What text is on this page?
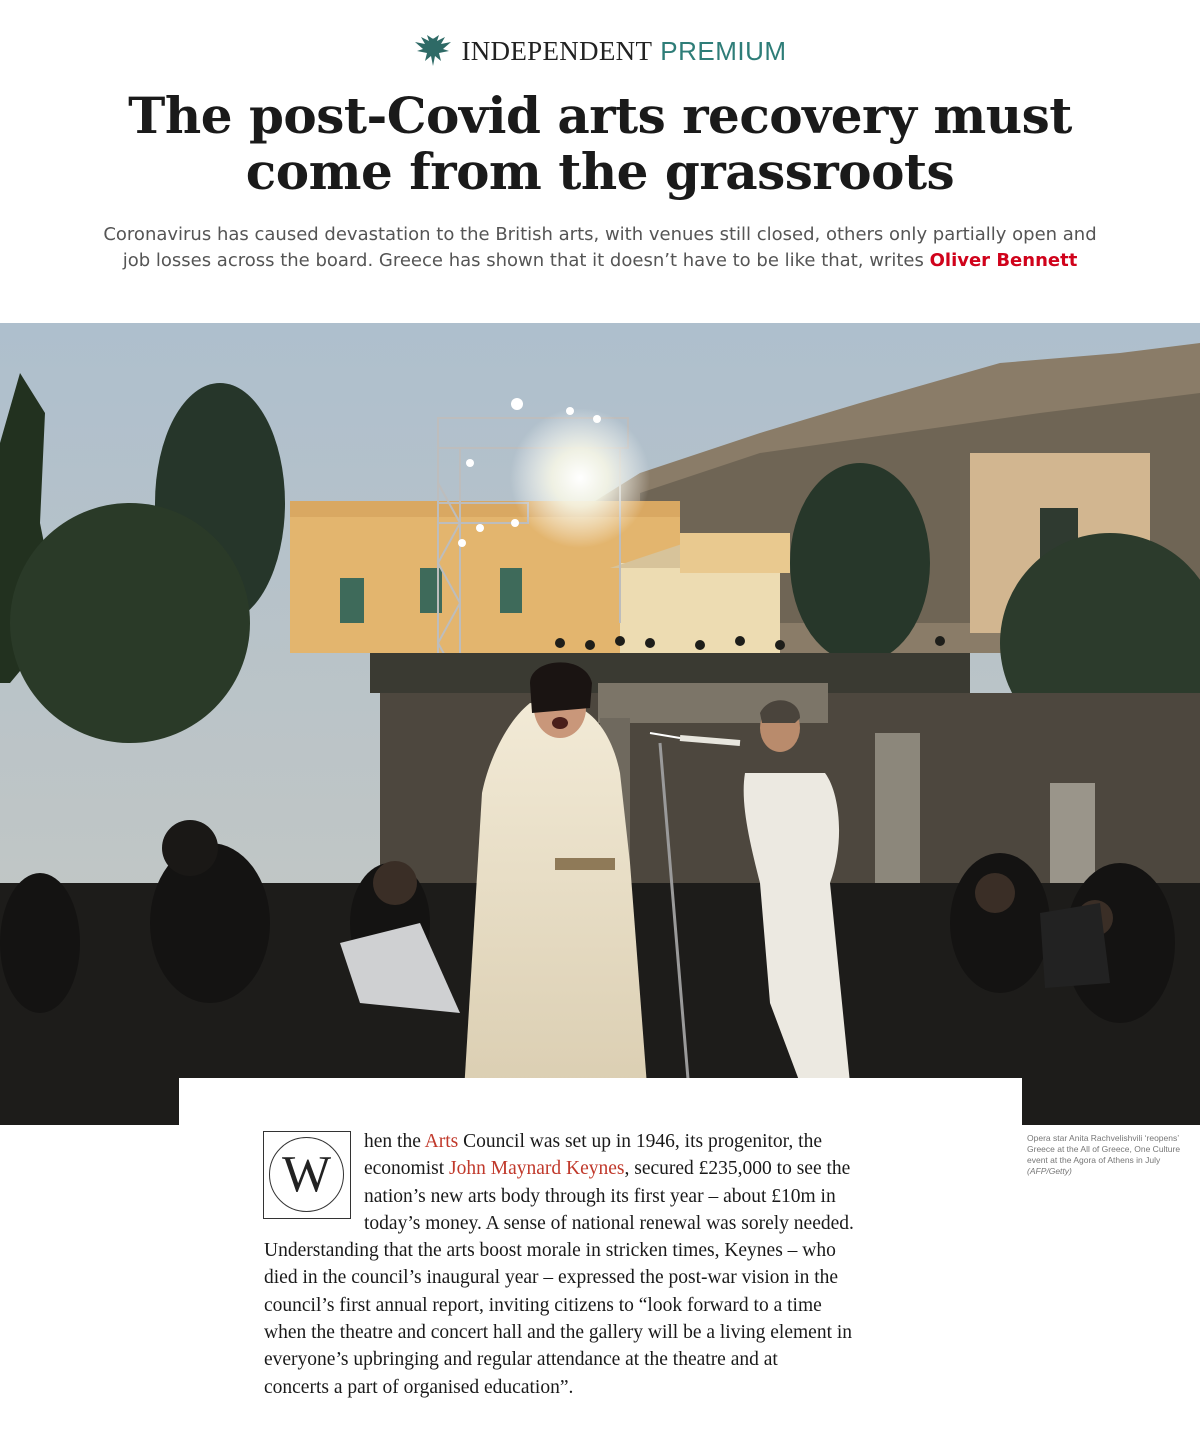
INDEPENDENT PREMIUM
The post-Covid arts recovery must
come from the grassroots

Coronavirus has caused devastation to the British arts, with venues still closed, others only partially open and job losses across the board. Greece has shown that it doesn’t have to be like that, writes Oliver Bennett

Opera star Anita Rachvelishvili ‘reopens’ Greece at the All of Greece, One Culture event at the Agora of Athens in July (AFP/Getty)
W
hen the Arts Council was set up in 1946, its progenitor, the
economist John Maynard Keynes, secured £235,000 to see the
nation’s new arts body through its first year – about £10m in
today’s money. A sense of national renewal was sorely needed.
Understanding that the arts boost morale in stricken times, Keynes – who
died in the council’s inaugural year – expressed the post-war vision in the
council’s first annual report, inviting citizens to “look forward to a time
when the theatre and concert hall and the gallery will be a living element in
everyone’s upbringing and regular attendance at the theatre and at
concerts a part of organised education”.
